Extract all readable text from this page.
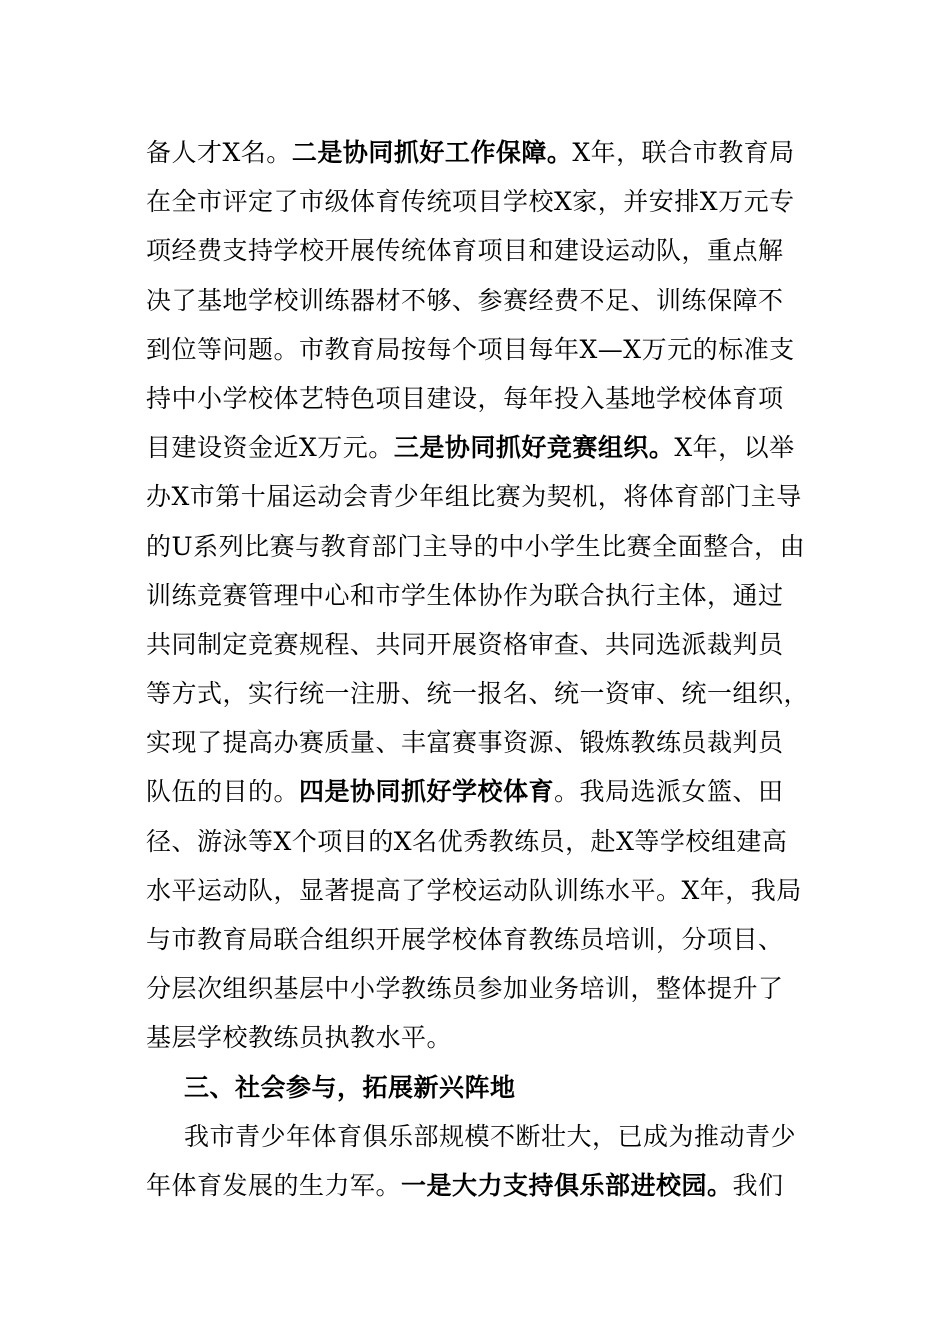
备人才X名。二是协同抓好工作保障。X年，联合市教育局
在全市评定了市级体育传统项目学校X家，并安排X万元专
项经费支持学校开展传统体育项目和建设运动队，重点解
决了基地学校训练器材不够、参赛经费不足、训练保障不
到位等问题。市教育局按每个项目每年X—X万元的标准支
持中小学校体艺特色项目建设，每年投入基地学校体育项
目建设资金近X万元。三是协同抓好竞赛组织。X年，以举
办X市第十届运动会青少年组比赛为契机，将体育部门主导
的U系列比赛与教育部门主导的中小学生比赛全面整合，由
训练竞赛管理中心和市学生体协作为联合执行主体，通过
共同制定竞赛规程、共同开展资格审查、共同选派裁判员
等方式，实行统一注册、统一报名、统一资审、统一组织，
实现了提高办赛质量、丰富赛事资源、锻炼教练员裁判员
队伍的目的。四是协同抓好学校体育。我局选派女篮、田
径、游泳等X个项目的X名优秀教练员，赴X等学校组建高
水平运动队，显著提高了学校运动队训练水平。X年，我局
与市教育局联合组织开展学校体育教练员培训，分项目、
分层次组织基层中小学教练员参加业务培训，整体提升了
基层学校教练员执教水平。
三、社会参与，拓展新兴阵地
我市青少年体育俱乐部规模不断壮大，已成为推动青少
年体育发展的生力军。一是大力支持俱乐部进校园。我们
